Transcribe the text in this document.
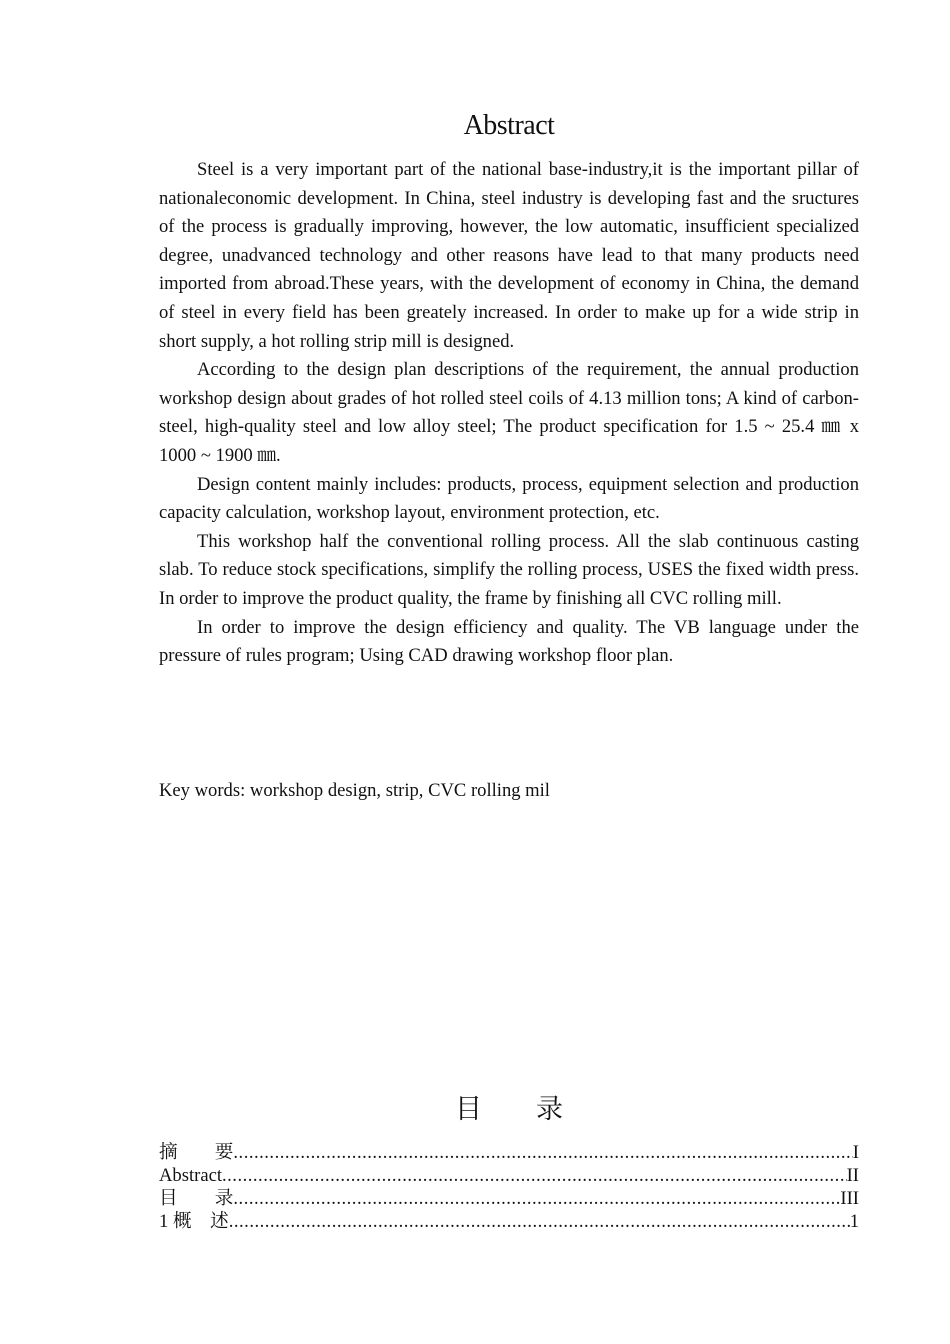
Abstract

Steel is a very important part of the national base-industry,it is the important pillar of nationaleconomic development. In China, steel industry is developing fast and the sructures of the process is gradually improving, however, the low automatic, insufficient specialized degree, unadvanced technology and other reasons have lead to that many products need imported from abroad.These years, with the development of economy in China, the demand of steel in every field has been greately increased. In order to make up for a wide strip in short supply, a hot rolling strip mill is designed.

According to the design plan descriptions of the requirement, the annual production workshop design about grades of hot rolled steel coils of 4.13 million tons; A kind of carbon-steel, high-quality steel and low alloy steel; The product specification for 1.5 ~ 25.4 ㎜ x 1000 ~ 1900 ㎜.

Design content mainly includes: products, process, equipment selection and production capacity calculation, workshop layout, environment protection, etc.

This workshop half the conventional rolling process. All the slab continuous casting slab. To reduce stock specifications, simplify the rolling process, USES the fixed width press. In order to improve the product quality, the frame by finishing all CVC rolling mill.

In order to improve the design efficiency and quality. The VB language under the pressure of rules program; Using CAD drawing workshop floor plan.

Key words: workshop design, strip, CVC rolling mil
目　　录
摘　　要 .....	I
Abstract .....	II
目　　录 .....	III
1 概　述 .....	1
